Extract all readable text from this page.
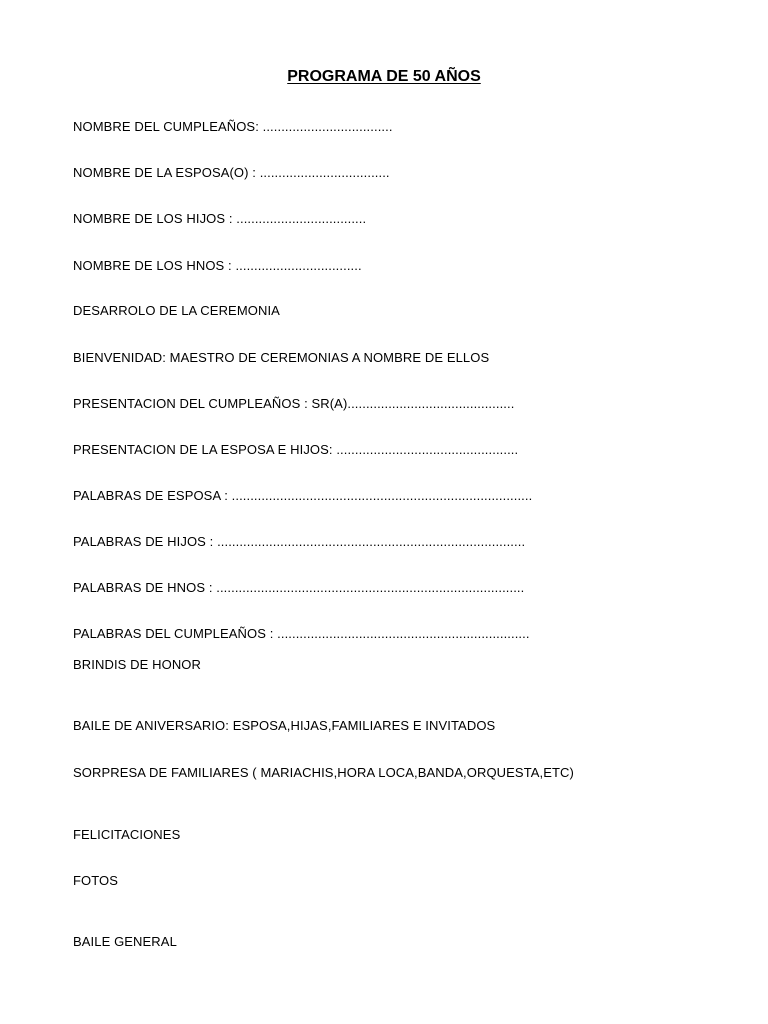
PROGRAMA DE 50 AÑOS
NOMBRE DEL CUMPLEAÑOS: ...................................
NOMBRE DE LA ESPOSA(O) : ...................................
NOMBRE DE LOS HIJOS : ...................................
NOMBRE DE LOS HNOS : ..................................
DESARROLO DE LA CEREMONIA
BIENVENIDAD: MAESTRO DE CEREMONIAS A NOMBRE DE ELLOS
PRESENTACION DEL CUMPLEAÑOS : SR(A).............................................
PRESENTACION DE LA ESPOSA E HIJOS: .................................................
PALABRAS DE ESPOSA : .................................................................................
PALABRAS DE HIJOS : ...................................................................................
PALABRAS DE HNOS : ...................................................................................
PALABRAS DEL CUMPLEAÑOS : ....................................................................
BRINDIS DE HONOR
BAILE DE ANIVERSARIO: ESPOSA,HIJAS,FAMILIARES E INVITADOS
SORPRESA DE FAMILIARES ( MARIACHIS,HORA LOCA,BANDA,ORQUESTA,ETC)
FELICITACIONES
FOTOS
BAILE GENERAL
